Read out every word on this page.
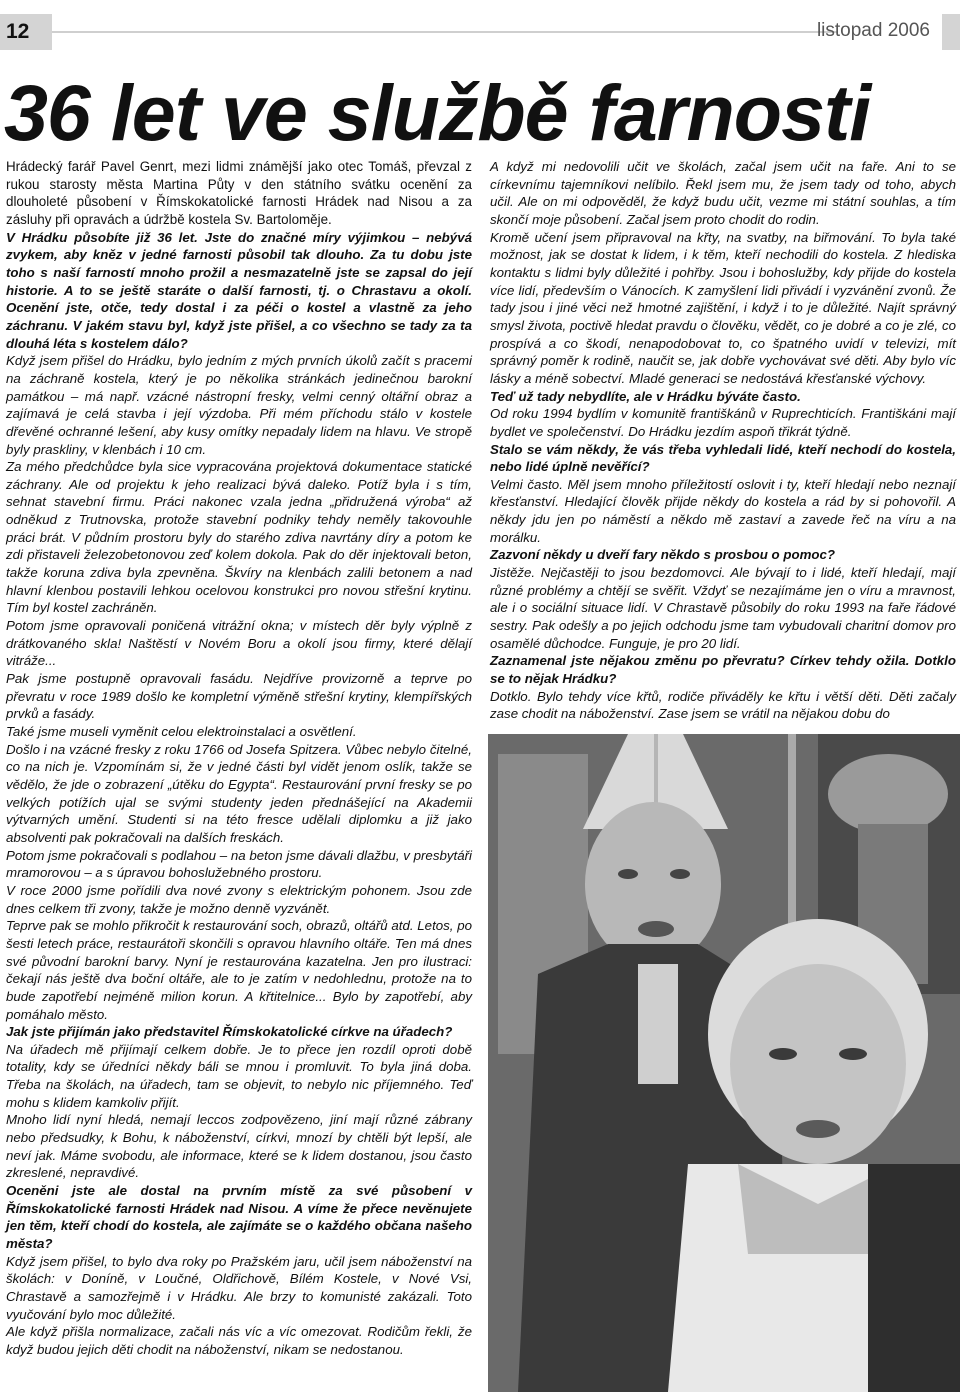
12	listopad 2006
36 let ve službě farnosti

Hrádecký farář Pavel Genrt, mezi lidmi známější jako otec Tomáš, převzal z rukou starosty města Martina Půty v den státního svátku ocenění za dlouholeté působení v Římskokatolické farnosti Hrádek nad Nisou a za zásluhy při opravách a údržbě kostela Sv. Bartoloměje.

V Hrádku působíte již 36 let. Jste do značné míry výjimkou – nebývá zvykem, aby kněz v jedné farnosti působil tak dlouho. Za tu dobu jste toho s naší farností mnoho prožil a nesmazatelně jste se zapsal do její historie. A to se ještě staráte o další farnosti, tj. o Chrastavu a okolí. Ocenění jste, otče, tedy dostal i za péči o kostel a vlastně za jeho záchranu. V jakém stavu byl, když jste přišel, a co všechno se tady za ta dlouhá léta s kostelem dálo?

Když jsem přišel do Hrádku, bylo jedním z mých prvních úkolů začít s pracemi na záchraně kostela, který je po několika stránkách jedinečnou barokní památkou – má např. vzácné nástropní fresky, velmi cenný oltářní obraz a zajímavá je celá stavba i její výzdoba. Při mém příchodu stálo v kostele dřevěné ochranné lešení, aby kusy omítky nepadaly lidem na hlavu. Ve stropě byly praskliny, v klenbách i 10 cm.

Za mého předchůdce byla sice vypracována projektová dokumentace statické záchrany. Ale od projektu k jeho realizaci bývá daleko. Potíž byla i s tím, sehnat stavební firmu. Práci nakonec vzala jedna „přidružená výroba“ až odněkud z Trutnovska, protože stavební podniky tehdy neměly takovouhle práci brát. V půdním prostoru byly do starého zdiva navrtány díry a potom ke zdi přistaveli železobetonovou zeď kolem dokola. Pak do děr injektovali beton, takže koruna zdiva byla zpevněna. Škvíry na klenbách zalili betonem a nad hlavní klenbou postavili lehkou ocelovou konstrukci pro novou střešní krytinu. Tím byl kostel zachráněn.

Potom jsme opravovali poničená vitrážní okna; v místech děr byly výplně z drátkovaného skla! Naštěstí v Novém Boru a okolí jsou firmy, které dělají vitráže...

Pak jsme postupně opravovali fasádu. Nejdříve provizorně a teprve po převratu v roce 1989 došlo ke kompletní výměně střešní krytiny, klempířských prvků a fasády.

Také jsme museli vyměnit celou elektroinstalaci a osvětlení.

Došlo i na vzácné fresky z roku 1766 od Josefa Spitzera. Vůbec nebylo čitelné, co na nich je. Vzpomínám si, že v jedné části byl vidět jenom oslík, takže se vědělo, že jde o zobrazení „útěku do Egypta“. Restaurování první fresky se po velkých potížích ujal se svými studenty jeden přednášející na Akademii výtvarných umění. Studenti si na této fresce udělali diplomku a již jako absolventi pak pokračovali na dalších freskách.

Potom jsme pokračovali s podlahou – na beton jsme dávali dlažbu, v presbytáři mramorovou – a s úpravou bohoslužebného prostoru.

V roce 2000 jsme pořídili dva nové zvony s elektrickým pohonem. Jsou zde dnes celkem tři zvony, takže je možno denně vyzvánět.

Teprve pak se mohlo přikročit k restaurování soch, obrazů, oltářů atd. Letos, po šesti letech práce, restaurátoři skončili s opravou hlavního oltáře. Ten má dnes své původní barokní barvy. Nyní je restaurována kazatelna. Jen pro ilustraci: čekají nás ještě dva boční oltáře, ale to je zatím v nedohlednu, protože na to bude zapotřebí nejméně milion korun. A křtitelnice... Bylo by zapotřebí, aby pomáhalo město.

Jak jste přijímán jako představitel Římskokatolické církve na úřadech?

Na úřadech mě přijímají celkem dobře. Je to přece jen rozdíl oproti době totality, kdy se úředníci někdy báli se mnou i promluvit. To byla jiná doba. Třeba na školách, na úřadech, tam se objevit, to nebylo nic příjemného. Teď mohu s klidem kamkoliv přijít.

Mnoho lidí nyní hledá, nemají leccos zodpovězeno, jiní mají různé zábrany nebo předsudky, k Bohu, k náboženství, církvi, mnozí by chtěli být lepší, ale neví jak. Máme svobodu, ale informace, které se k lidem dostanou, jsou často zkreslené, nepravdivé.

Oceněni jste ale dostal na prvním místě za své působení v Římskokatolické farnosti Hrádek nad Nisou. A víme že přece nevěnujete jen těm, kteří chodí do kostela, ale zajímáte se o každého občana našeho města?

Když jsem přišel, to bylo dva roky po Pražském jaru, učil jsem náboženství na školách: v Doníně, v Loučné, Oldřichově, Bílém Kostele, v Nové Vsi, Chrastavě a samozřejmě i v Hrádku. Ale brzy to komunisté zakázali. Toto vyučování bylo moc důležité.

Ale když přišla normalizace, začali nás víc a víc omezovat. Rodičům řekli, že když budou jejich děti chodit na náboženství, nikam se nedostanou.

A když mi nedovolili učit ve školách, začal jsem učit na faře. Ani to se církevnímu tajemníkovi nelíbilo. Řekl jsem mu, že jsem tady od toho, abych učil. Ale on mi odpověděl, že když budu učit, vezme mi státní souhlas, a tím skončí moje působení. Začal jsem proto chodit do rodin.

Kromě učení jsem připravoval na křty, na svatby, na biřmování. To byla také možnost, jak se dostat k lidem, i k těm, kteří nechodili do kostela. Z hlediska kontaktu s lidmi byly důležité i pohřby. Jsou i bohoslužby, kdy přijde do kostela více lidí, především o Vánocích. K zamyšlení lidi přivádí i vyzvánění zvonů. Že tady jsou i jiné věci než hmotné zajištění, i když i to je důležité. Najít správný smysl života, poctivě hledat pravdu o člověku, vědět, co je dobré a co je zlé, co prospívá a co škodí, nenapodobovat to, co špatného uvidí v televizi, mít správný poměr k rodině, naučit se, jak dobře vychovávat své děti. Aby bylo víc lásky a méně sobectví. Mladé generaci se nedostává křesťanské výchovy.

Teď už tady nebydlíte, ale v Hrádku býváte často.

Od roku 1994 bydlím v komunitě františkánů v Ruprechticích. Františkáni mají bydlet ve společenství. Do Hrádku jezdím aspoň třikrát týdně.

Stalo se vám někdy, že vás třeba vyhledali lidé, kteří nechodí do kostela, nebo lidé úplně nevěřící?

Velmi často. Měl jsem mnoho příležitostí oslovit i ty, kteří hledají nebo neznají křesťanství. Hledající člověk přijde někdy do kostela a rád by si pohovořil. A někdy jdu jen po náměstí a někdo mě zastaví a zavede řeč na víru a na morálku.

Zazvoní někdy u dveří fary někdo s prosbou o pomoc?

Jistěže. Nejčastěji to jsou bezdomovci. Ale bývají to i lidé, kteří hledají, mají různé problémy a chtějí se svěřit. Vždyť se nezajímáme jen o víru a mravnost, ale i o sociální situace lidí. V Chrastavě působily do roku 1993 na faře řádové sestry. Pak odešly a po jejich odchodu jsme tam vybudovali charitní domov pro osamělé důchodce. Funguje, je pro 20 lidí.

Zaznamenal jste nějakou změnu po převratu? Církev tehdy ožila. Dotklo se to nějak Hrádku?

Dotklo. Bylo tehdy více křtů, rodiče přiváděly ke křtu i větší děti. Děti začaly zase chodit na náboženství. Zase jsem se vrátil na nějakou dobu do
